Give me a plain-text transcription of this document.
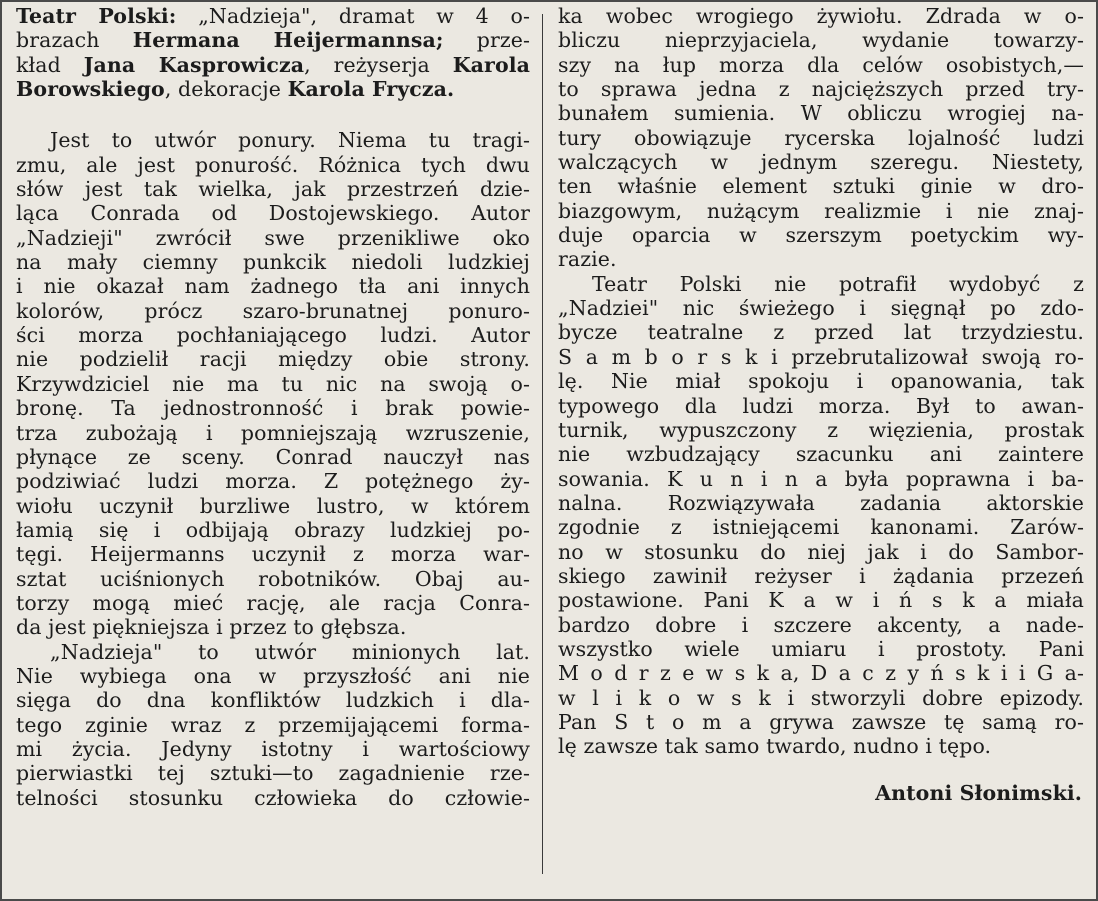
Teatr Polski: „Nadzieja", dramat w 4 o-
brazach Hermana Heijermannsa; prze-
kład Jana Kasprowicza, reżyserja Karola
Borowskiego, dekoracje Karola Frycza.
Jest to utwór ponury. Niema tu tragi-
zmu, ale jest ponurość. Różnica tych dwu
słów jest tak wielka, jak przestrzeń dzie-
ląca Conrada od Dostojewskiego. Autor
„Nadziejі" zwrócił swe przenikliwe oko
na mały ciemny punkcik niedoli ludzkiej
i nie okazał nam żadnego tła ani innych
kolorów, prócz szaro-brunatnej ponuro-
ści morza pochłaniającego ludzi. Autor
nie podzielił racji między obie strony.
Krzywdziciel nie ma tu nic na swoją o-
bronę. Ta jednostronność i brak powie-
trza zubożają i pomniejszają wzruszenie,
płynące ze sceny. Conrad nauczył nas
podziwiać ludzi morza. Z potężnego ży-
wiołu uczynił burzliwe lustro, w którem
łamią się i odbijają obrazy ludzkiej po-
tęgi. Heijermanns uczynił z morza war-
sztat uciśnionych robotników. Obaj au-
torzy mogą mieć rację, ale racja Conra-
da jest piękniejsza i przez to głębsza.
„Nadzieja" to utwór minionych lat.
Nie wybiega ona w przyszłość ani nie
sięga do dna konfliktów ludzkich i dla-
tego zginie wraz z przemijającemi forma-
mi życia. Jedyny istotny i wartościowy
pierwiastki tej sztuki—to zagadnienie rze-
telności stosunku człowieka do człowie-
ka wobec wrogiego żywiołu. Zdrada w o-
bliczu nieprzyjaciela, wydanie towarzy-
szy na łup morza dla celów osobistych,—
to sprawa jedna z najcięższych przed try-
bunałem sumienia. W obliczu wrogiej na-
tury obowiązuje rycerska lojalność ludzi
walczących w jednym szeregu. Niestety,
ten właśnie element sztuki ginie w dro-
biazgowym, nużącym realizmie i nie znaj-
duje oparcia w szerszym poetyckim wy-
razie.
Teatr Polski nie potrafił wydobyć z
„Nadziei" nic świeżego i sięgnął po zdo-
bycze teatralne z przed lat trzydziestu.
S a m b o r s k i przebrutalizował swoją ro-
lę. Nie miał spokoju i opanowania, tak
typowego dla ludzi morza. Był to awan-
turnik, wypuszczony z więzienia, prostak
nie wzbudzający szacunku ani zaintere
sowania. K u n i n a była poprawna i ba-
nalna. Rozwiązywała zadania aktorskie
zgodnie z istniejącemi kanonami. Zarów-
no w stosunku do niej jak i do Sambor-
skiego zawinił reżyser i żądania przezeń
postawione. Pani K a w i ń s k a miała
bardzo dobre i szczere akcenty, a nade-
wszystko wiele umiaru i prostoty. Pani
M o d r z e w s k a, D a c z y ń s k i i G a-
w l i k o w s k i stworzyli dobre epizody.
Pan S t o m a grywa zawsze tę samą ro-
lę zawsze tak samo twardo, nudno i tępo.
Antoni Słonimski.
